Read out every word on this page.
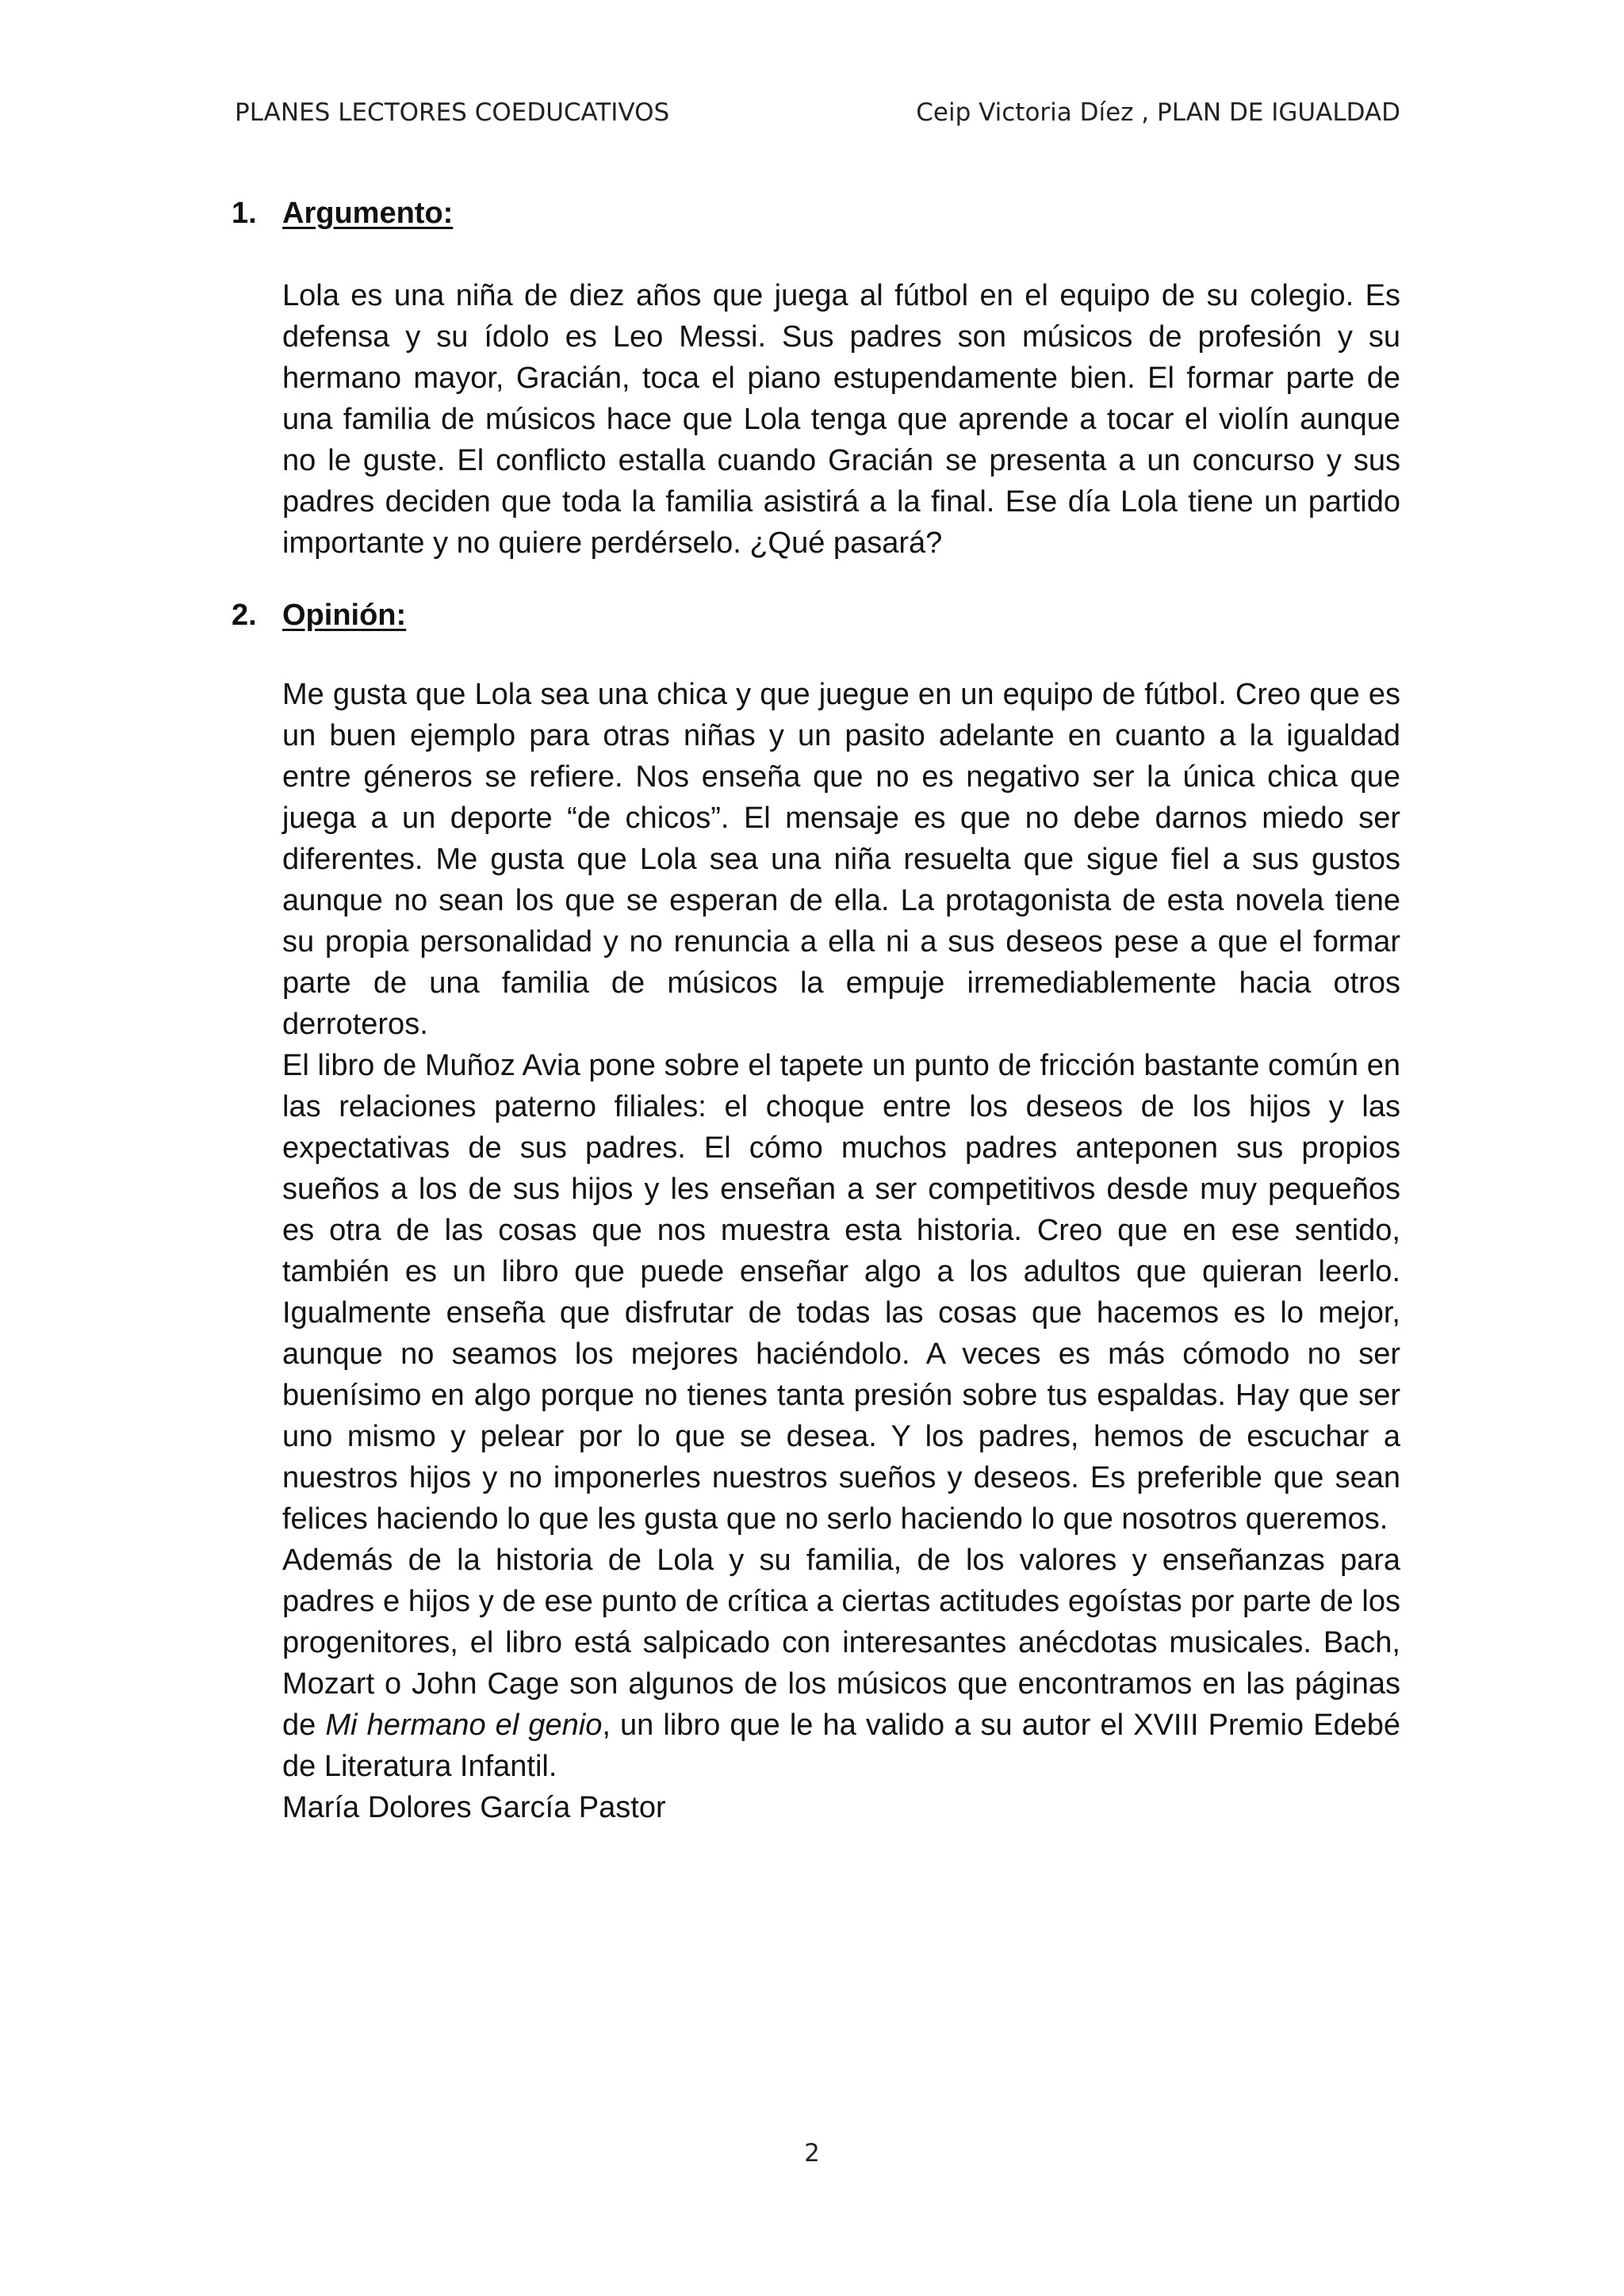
PLANES LECTORES COEDUCATIVOS	Ceip Victoria Díez , PLAN DE IGUALDAD
1. Argumento:

Lola es una niña de diez años que juega al fútbol en el equipo de su colegio. Es defensa y su ídolo es Leo Messi. Sus padres son músicos de profesión y su hermano mayor, Gracián, toca el piano estupendamente bien. El formar parte de una familia de músicos hace que Lola tenga que aprende a tocar el violín aunque no le guste. El conflicto estalla cuando Gracián se presenta a un concurso y sus padres deciden que toda la familia asistirá a la final. Ese día Lola tiene un partido importante y no quiere perdérselo. ¿Qué pasará?

2. Opinión:

Me gusta que Lola sea una chica y que juegue en un equipo de fútbol. Creo que es un buen ejemplo para otras niñas y un pasito adelante en cuanto a la igualdad entre géneros se refiere. Nos enseña que no es negativo ser la única chica que juega a un deporte “de chicos”. El mensaje es que no debe darnos miedo ser diferentes. Me gusta que Lola sea una niña resuelta que sigue fiel a sus gustos aunque no sean los que se esperan de ella. La protagonista de esta novela tiene su propia personalidad y no renuncia a ella ni a sus deseos pese a que el formar parte de una familia de músicos la empuje irremediablemente hacia otros derroteros.

El libro de Muñoz Avia pone sobre el tapete un punto de fricción bastante común en las relaciones paterno filiales: el choque entre los deseos de los hijos y las expectativas de sus padres. El cómo muchos padres anteponen sus propios sueños a los de sus hijos y les enseñan a ser competitivos desde muy pequeños es otra de las cosas que nos muestra esta historia. Creo que en ese sentido, también es un libro que puede enseñar algo a los adultos que quieran leerlo. Igualmente enseña que disfrutar de todas las cosas que hacemos es lo mejor, aunque no seamos los mejores haciéndolo. A veces es más cómodo no ser buenísimo en algo porque no tienes tanta presión sobre tus espaldas. Hay que ser uno mismo y pelear por lo que se desea. Y los padres, hemos de escuchar a nuestros hijos y no imponerles nuestros sueños y deseos. Es preferible que sean felices haciendo lo que les gusta que no serlo haciendo lo que nosotros queremos.

Además de la historia de Lola y su familia, de los valores y enseñanzas para padres e hijos y de ese punto de crítica a ciertas actitudes egoístas por parte de los progenitores, el libro está salpicado con interesantes anécdotas musicales. Bach, Mozart o John Cage son algunos de los músicos que encontramos en las páginas de Mi hermano el genio, un libro que le ha valido a su autor el XVIII Premio Edebé de Literatura Infantil.

María Dolores García Pastor

2
